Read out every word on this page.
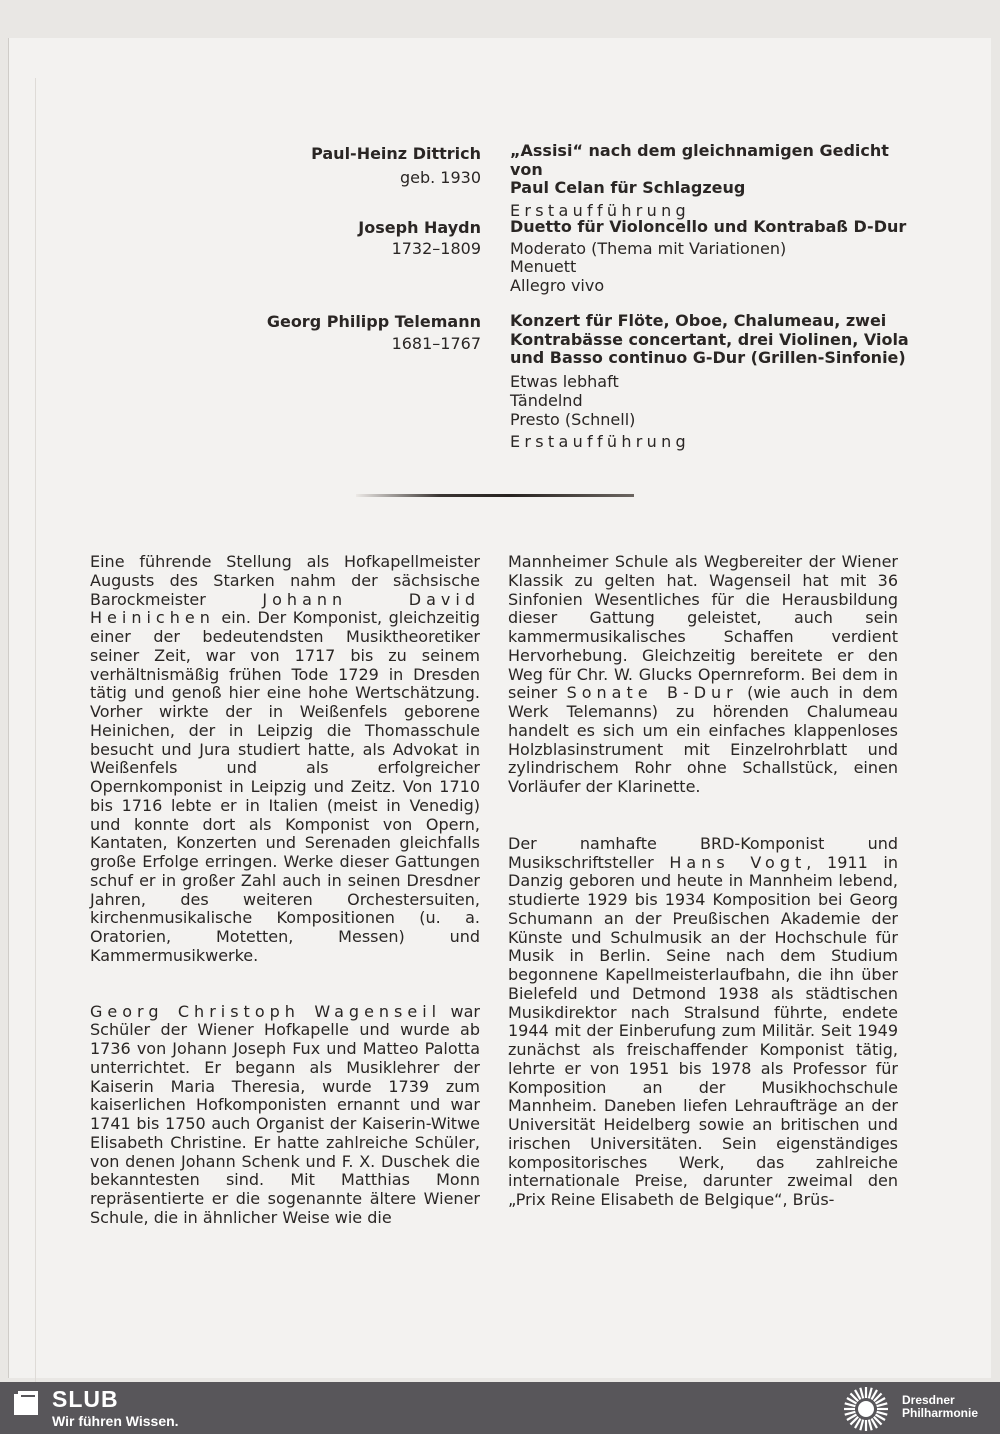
Paul-Heinz Dittrich
geb. 1930
„Assisi“ nach dem gleichnamigen Gedicht von
Paul Celan für Schlagzeug
Erstaufführung
Joseph Haydn
1732–1809
Duetto für Violoncello und Kontrabaß D-Dur
Moderato (Thema mit Variationen)
Menuett
Allegro vivo
Georg Philipp Telemann
1681–1767
Konzert für Flöte, Oboe, Chalumeau, zwei
Kontrabässe concertant, drei Violinen, Viola
und Basso continuo G-Dur (Grillen-Sinfonie)
Etwas lebhaft
Tändelnd
Presto (Schnell)
Erstaufführung

Eine führende Stellung als Hofkapellmeister Augusts des Starken nahm der sächsische Barockmeister Johann David Heinichen ein. Der Komponist, gleichzeitig einer der bedeutendsten Musiktheoretiker seiner Zeit, war von 1717 bis zu seinem verhältnismäßig frühen Tode 1729 in Dresden tätig und genoß hier eine hohe Wertschätzung. Vorher wirkte der in Weißenfels geborene Heinichen, der in Leipzig die Thomasschule besucht und Jura studiert hatte, als Advokat in Weißenfels und als erfolgreicher Opernkomponist in Leipzig und Zeitz. Von 1710 bis 1716 lebte er in Italien (meist in Venedig) und konnte dort als Komponist von Opern, Kantaten, Konzerten und Serenaden gleichfalls große Erfolge erringen. Werke dieser Gattungen schuf er in großer Zahl auch in seinen Dresdner Jahren, des weiteren Orchestersuiten, kirchenmusikalische Kompositionen (u. a. Oratorien, Motetten, Messen) und Kammermusikwerke.

Georg Christoph Wagenseil war Schüler der Wiener Hofkapelle und wurde ab 1736 von Johann Joseph Fux und Matteo Palotta unterrichtet. Er begann als Musiklehrer der Kaiserin Maria Theresia, wurde 1739 zum kaiserlichen Hofkomponisten ernannt und war 1741 bis 1750 auch Organist der Kaiserin-Witwe Elisabeth Christine. Er hatte zahlreiche Schüler, von denen Johann Schenk und F. X. Duschek die bekanntesten sind. Mit Matthias Monn repräsentierte er die sogenannte ältere Wiener Schule, die in ähnlicher Weise wie die

Mannheimer Schule als Wegbereiter der Wiener Klassik zu gelten hat. Wagenseil hat mit 36 Sinfonien Wesentliches für die Herausbildung dieser Gattung geleistet, auch sein kammermusikalisches Schaffen verdient Hervorhebung. Gleichzeitig bereitete er den Weg für Chr. W. Glucks Opernreform. Bei dem in seiner Sonate B-Dur (wie auch in dem Werk Telemanns) zu hörenden Chalumeau handelt es sich um ein einfaches klappenloses Holzblasinstrument mit Einzelrohrblatt und zylindrischem Rohr ohne Schallstück, einen Vorläufer der Klarinette.

Der namhafte BRD-Komponist und Musikschriftsteller Hans Vogt, 1911 in Danzig geboren und heute in Mannheim lebend, studierte 1929 bis 1934 Komposition bei Georg Schumann an der Preußischen Akademie der Künste und Schulmusik an der Hochschule für Musik in Berlin. Seine nach dem Studium begonnene Kapellmeisterlaufbahn, die ihn über Bielefeld und Detmond 1938 als städtischen Musikdirektor nach Stralsund führte, endete 1944 mit der Einberufung zum Militär. Seit 1949 zunächst als freischaffender Komponist tätig, lehrte er von 1951 bis 1978 als Professor für Komposition an der Musikhochschule Mannheim. Daneben liefen Lehraufträge an der Universität Heidelberg sowie an britischen und irischen Universitäten. Sein eigenständiges kompositorisches Werk, das zahlreiche internationale Preise, darunter zweimal den „Prix Reine Elisabeth de Belgique“, Brüs-

SLUB
Wir führen Wissen.
Dresdner
Philharmonie
